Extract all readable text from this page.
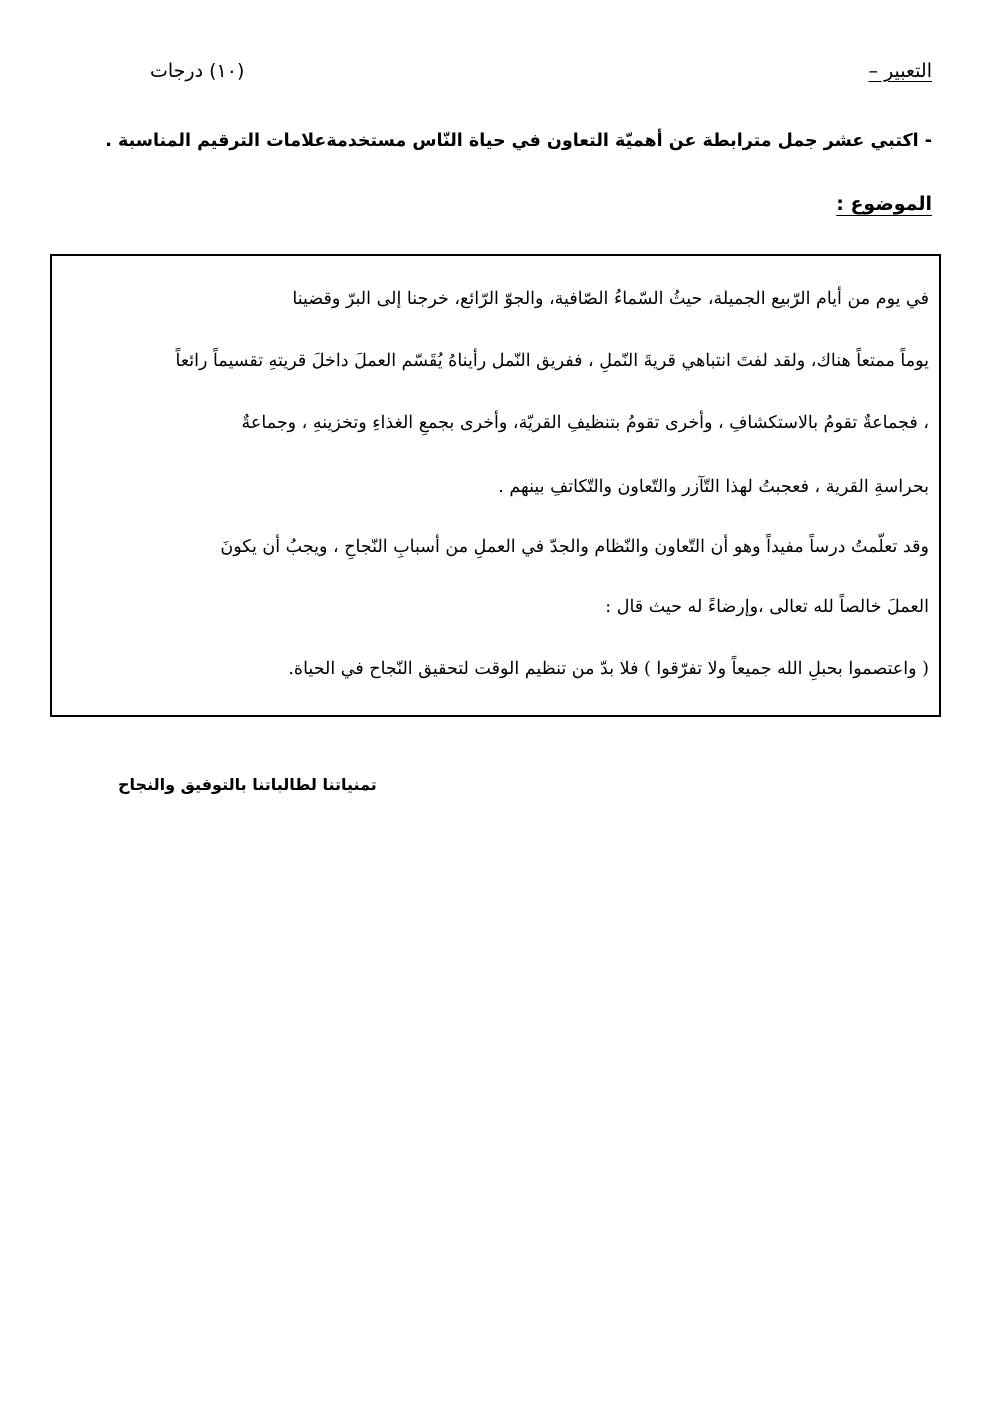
التعبير –
(١٠) درجات
- اكتبي عشر جمل مترابطة عن أهميّة التعاون في حياة النّاس مستخدمةعلامات الترقيم المناسبة .
الموضوع :
في يوم من أيام الرّبيع الجميلة، حيثُ السّماءُ الصّافية، والجوّ الرّائع، خرجنا إلى البرّ وقضينا
يوماً ممتعاً هناك، ولقد لفتَ انتباهي قريةَ النّملِ ، ففريق النّمل رأيناهُ يُقَسّم العملَ داخلَ قريتهِ تقسيماً رائعاً
، فجماعةٌ تقومُ بالاستكشافِ ، وأخرى تقومُ بتنظيفِ القريّة، وأخرى بجمعِ الغذاءِ وتخزينهِ ، وجماعةٌ
بحراسةِ القرية ، فعجبتُ لهذا التّآزر والتّعاون والتّكاتفِ بينهم .
وقد تعلّمتُ درساً مفيداً وهو أن التّعاون والنّظام والجدّ في العملِ من أسبابِ النّجاحِ ، ويجبُ أن يكونَ
العملَ خالصاً لله تعالى ،وإرضاءً له حيث قال :
( واعتصموا بحبلِ الله جميعاً ولا تفرّقوا ) فلا بدّ من تنظيم الوقت لتحقيق النّجاح في الحياة.
تمنياتنا لطالباتنا بالتوفيق والنجاح
